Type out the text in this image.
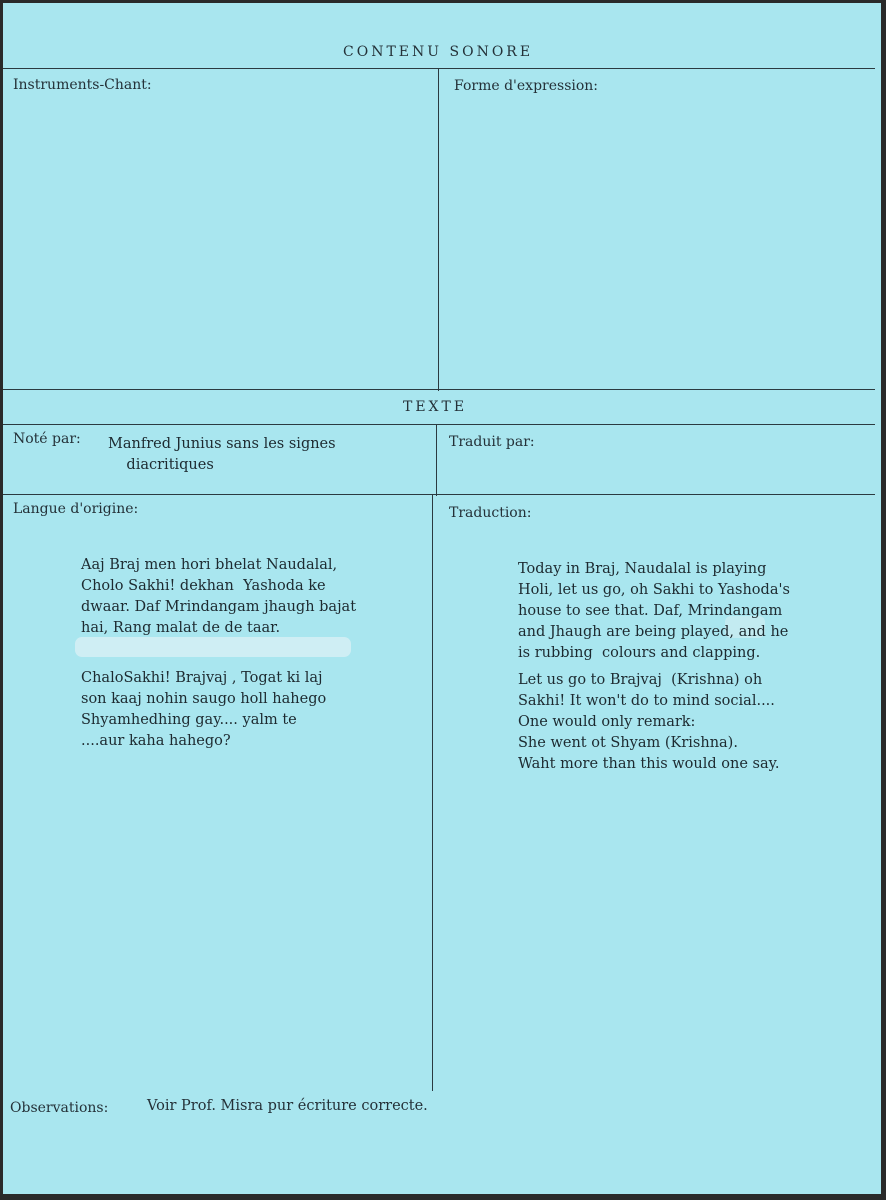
CONTENU SONORE
Instruments-Chant:	Forme d'expression:
TEXTE
Noté par: Manfred Junius sans les signes
diacritiques
Traduit par:
Langue d'origine:	Traduction:
Aaj Braj men hori bhelat Naudalal,
Cholo Sakhi! dekhan  Yashoda ke
dwaar. Daf Mrindangam jhaugh bajat
hai, Rang malat de de taar.
ChaloSakhi! Brajvaj , Togat ki laj
son kaaj nohin saugo holl hahego
Shyamhedhing gay.... yalm te
....aur kaha hahego?
Today in Braj, Naudalal is playing
Holi, let us go, oh Sakhi to Yashoda's
house to see that. Daf, Mrindangam
and Jhaugh are being played, and he
is rubbing  colours and clapping.
Let us go to Brajvaj  (Krishna) oh
Sakhi! It won't do to mind social....
One would only remark:
She went ot Shyam (Krishna).
Waht more than this would one say.
Observations:	Voir Prof. Misra pur écriture correcte.
